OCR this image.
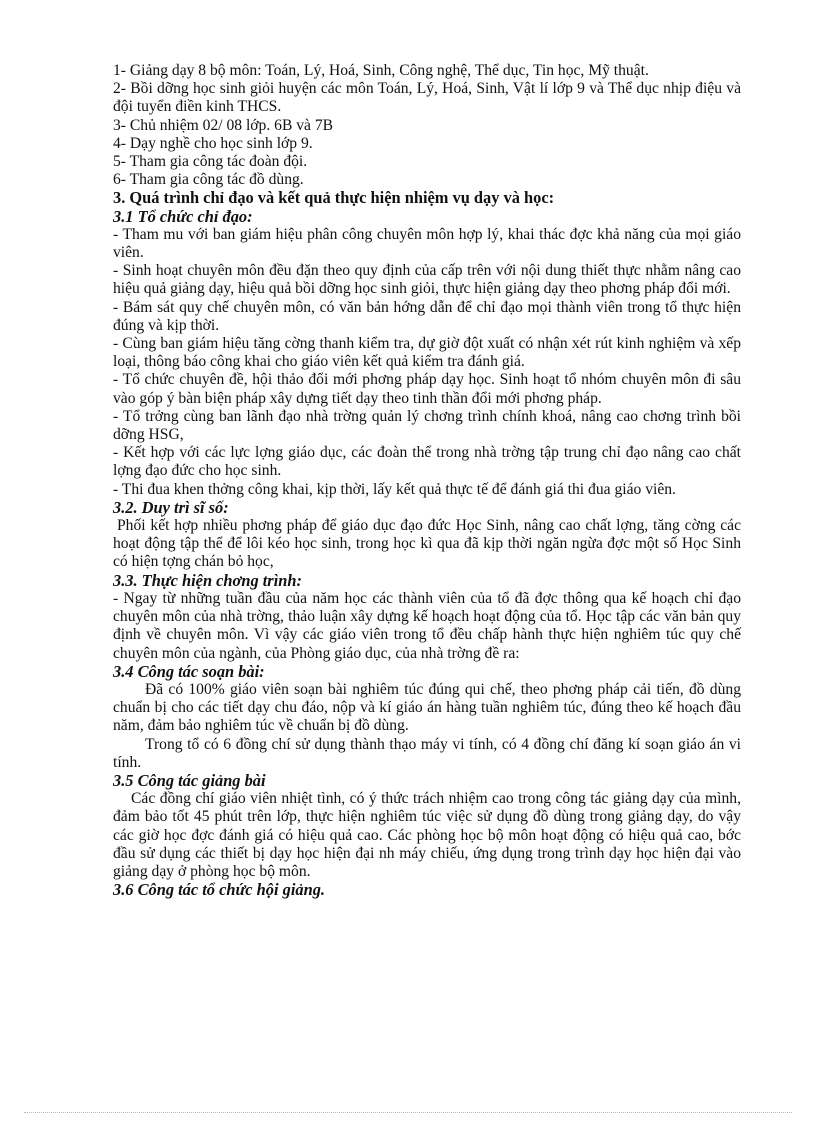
1- Giảng dạy 8 bộ môn: Toán, Lý, Hoá, Sinh, Công nghệ, Thể dục, Tin học, Mỹ thuật.

2- Bồi dỡng học sinh giỏi huyện các môn Toán, Lý, Hoá, Sinh, Vật lí lớp 9 và Thể dục nhịp điệu và đội tuyển điền kinh THCS.

3- Chủ nhiệm 02/ 08 lớp. 6B và 7B

4- Dạy nghề cho học sinh lớp 9.

5- Tham gia công tác đoàn đội.

6- Tham gia công tác đồ dùng.

3. Quá trình chỉ đạo và kết quả thực hiện nhiệm vụ dạy và học:

3.1 Tổ chức chỉ đạo:

- Tham mu với ban giám hiệu phân công chuyên môn hợp lý, khai thác đợc khả năng của mọi giáo viên.

- Sinh hoạt chuyên môn đều đặn theo quy định của cấp trên với nội dung thiết thực nhằm nâng cao hiệu quả giảng dạy, hiệu quả bồi dỡng học sinh giỏi, thực hiện giảng dạy theo phơng pháp đổi mới.

- Bám sát quy chế chuyên môn, có văn bản hớng dẫn để chỉ đạo mọi thành viên trong tổ thực hiện đúng và kịp thời.

- Cùng ban giám hiệu tăng cờng thanh kiểm tra, dự giờ đột xuất có nhận xét rút kinh nghiệm và xếp loại, thông báo công khai cho giáo viên kết quả kiểm tra đánh giá.

- Tổ chức chuyên đề, hội thảo đổi mới phơng pháp dạy học. Sinh hoạt tổ nhóm chuyên môn đi sâu vào góp ý bàn biện pháp xây dựng tiết dạy theo tinh thần đổi mới phơng pháp.

- Tổ trởng cùng ban lãnh đạo nhà trờng quản lý chơng trình chính khoá, nâng cao chơng trình bồi dỡng HSG,

- Kết hợp với các lực lợng giáo dục, các đoàn thể trong nhà trờng tập trung chỉ đạo nâng cao chất lợng đạo đức cho học sinh.

- Thi đua khen thởng công khai, kịp thời, lấy kết quả thực tế để đánh giá thi đua giáo viên.

3.2. Duy trì sĩ số:

Phối kết hợp nhiều phơng pháp để giáo dục đạo đức Học Sinh, nâng cao chất lợng, tăng cờng các hoạt động tập thể để lôi kéo học sinh, trong học kì qua đã kịp thời ngăn ngừa đợc một số Học Sinh có hiện tợng chán bỏ học,

3.3. Thực hiện chơng trình:

- Ngay từ những tuần đầu của năm học các thành viên của tổ đã đợc thông qua kế hoạch chỉ đạo chuyên môn của nhà trờng, thảo luận xây dựng kế hoạch hoạt động của tổ. Học tập các văn bản quy định về chuyên môn. Vì vậy các giáo viên trong tổ đều chấp hành thực hiện nghiêm túc quy chế chuyên môn của ngành, của Phòng giáo dục, của nhà trờng đề ra:

3.4 Công tác soạn bài:

Đã có 100% giáo viên soạn bài nghiêm túc đúng qui chế, theo phơng pháp cải tiến, đồ dùng chuẩn bị cho các tiết dạy chu đáo, nộp và kí giáo án hàng tuần nghiêm túc, đúng theo kế hoạch đầu năm, đảm bảo nghiêm túc về chuẩn bị đồ dùng.

Trong tổ có 6 đồng chí sử dụng thành thạo máy vi tính, có 4 đồng chí đăng kí soạn giáo án vi tính.

3.5 Công tác giảng bài

Các đồng chí giáo viên nhiệt tình, có ý thức trách nhiệm cao trong công tác giảng dạy của mình, đảm bảo tốt 45 phút trên lớp, thực hiện nghiêm túc việc sử dụng đồ dùng trong giảng dạy, do vậy các giờ học đợc đánh giá có hiệu quả cao. Các phòng học bộ môn hoạt động có hiệu quả cao, bớc đầu sử dụng các thiết bị dạy học hiện đại nh máy chiếu, ứng dụng trong trình dạy học hiện đại vào giảng dạy ở phòng học bộ môn.

3.6 Công tác tổ chức hội giảng.
